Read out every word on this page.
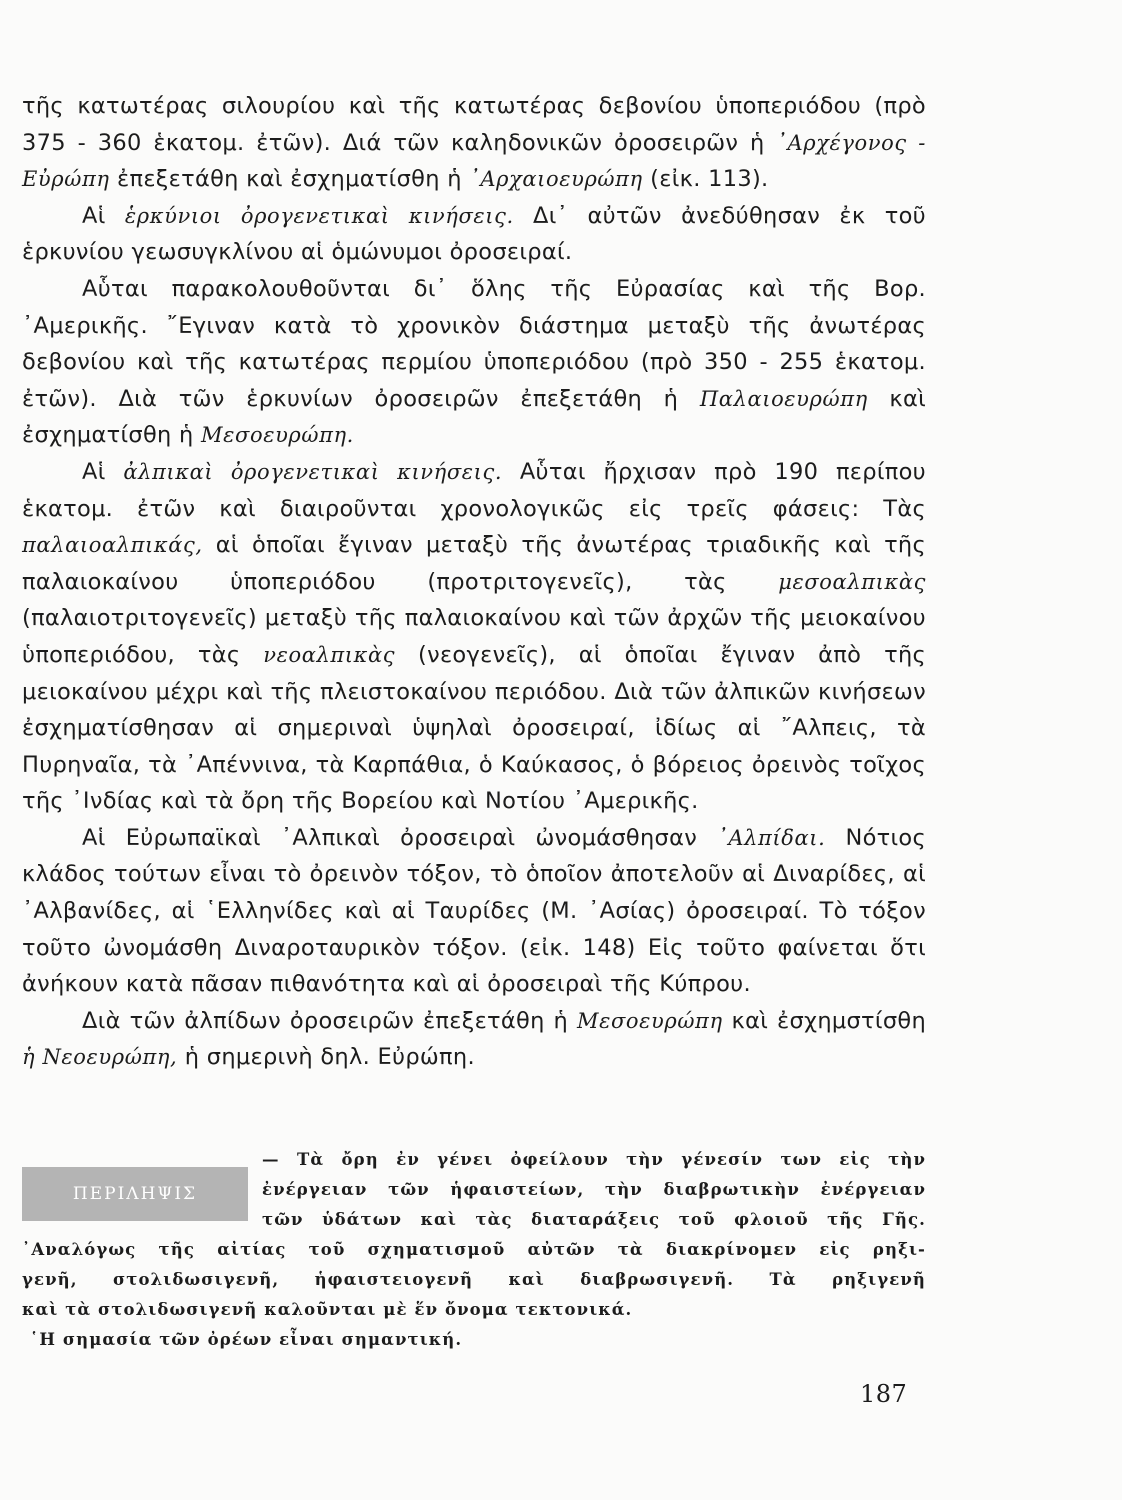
τῆς κατωτέρας σιλουρίου καὶ τῆς κατωτέρας δεβονίου ὑποπεριόδου (πρὸ 375 - 360 ἑκατομ. ἐτῶν). Διά τῶν καληδονικῶν ὀροσειρῶν ἡ ᾿Αρχέγονος - Εὐρώπη ἐπεξετάθη καὶ ἐσχηματίσθη ἡ ᾿Αρχαιοευρώπη (εἰκ. 113).

Αἱ ἑρκύνιοι ὀρογενετικαὶ κινήσεις. Δι᾿ αὐτῶν ἀνεδύθησαν ἐκ τοῦ ἑρκυνίου γεωσυγκλίνου αἱ ὁμώνυμοι ὀροσειραί.

Αὗται παρακολουθοῦνται δι᾿ ὅλης τῆς Εὐρασίας καὶ τῆς Βορ. ᾿Αμερικῆς. ῎Εγιναν κατὰ τὸ χρονικὸν διάστημα μεταξὺ τῆς ἀνωτέρας δεβονίου καὶ τῆς κατωτέρας περμίου ὑποπεριόδου (πρὸ 350 - 255 ἑκατομ. ἐτῶν). Διὰ τῶν ἑρκυνίων ὀροσειρῶν ἐπεξετάθη ἡ Παλαιοευρώπη καὶ ἐσχηματίσθη ἡ Μεσοευρώπη.

Αἱ ἀλπικαὶ ὀρογενετικαὶ κινήσεις. Αὗται ἤρχισαν πρὸ 190 περίπου ἑκατομ. ἐτῶν καὶ διαιροῦνται χρονολογικῶς εἰς τρεῖς φάσεις: Τὰς παλαιοαλπικάς, αἱ ὁποῖαι ἔγιναν μεταξὺ τῆς ἀνωτέρας τριαδικῆς καὶ τῆς παλαιοκαίνου ὑποπεριόδου (προτριτογενεῖς), τὰς μεσοαλπικὰς (παλαιοτριτογενεῖς) μεταξὺ τῆς παλαιοκαίνου καὶ τῶν ἀρχῶν τῆς μειοκαίνου ὑποπεριόδου, τὰς νεοαλπικὰς (νεογενεῖς), αἱ ὁποῖαι ἔγιναν ἀπὸ τῆς μειοκαίνου μέχρι καὶ τῆς πλειστοκαίνου περιόδου. Διὰ τῶν ἀλπικῶν κινήσεων ἐσχηματίσθησαν αἱ σημεριναὶ ὑψηλαὶ ὀροσειραί, ἰδίως αἱ ῎Αλπεις, τὰ Πυρηναῖα, τὰ ᾿Απέννινα, τὰ Καρπάθια, ὁ Καύκασος, ὁ βόρειος ὀρεινὸς τοῖχος τῆς ᾿Ινδίας καὶ τὰ ὄρη τῆς Βορείου καὶ Νοτίου ᾿Αμερικῆς.

Αἱ Εὐρωπαϊκαὶ ᾿Αλπικαὶ ὀροσειραὶ ὠνομάσθησαν ᾿Αλπίδαι. Νότιος κλάδος τούτων εἶναι τὸ ὀρεινὸν τόξον, τὸ ὁποῖον ἀποτελοῦν αἱ Διναρίδες, αἱ ᾿Αλβανίδες, αἱ ῾Ελληνίδες καὶ αἱ Ταυρίδες (Μ. ᾿Ασίας) ὀροσειραί. Τὸ τόξον τοῦτο ὠνομάσθη Διναροταυρικὸν τόξον. (εἰκ. 148) Εἰς τοῦτο φαίνεται ὅτι ἀνήκουν κατὰ πᾶσαν πιθανότητα καὶ αἱ ὀροσειραὶ τῆς Κύπρου.

Διὰ τῶν ἀλπίδων ὀροσειρῶν ἐπεξετάθη ἡ Μεσοευρώπη καὶ ἐσχημστίσθη ἡ Νεοευρώπη, ἡ σημερινὴ δηλ. Εὐρώπη.

ΠΕΡΙΛΗΨΙΣ
— Τὰ ὄρη ἐν γένει ὀφείλουν τὴν γένεσίν των εἰς τὴν
ἐνέργειαν τῶν ἡφαιστείων, τὴν διαβρωτικὴν ἐνέργειαν
τῶν ὑδάτων καὶ τὰς διαταράξεις τοῦ φλοιοῦ τῆς Γῆς.
᾿Αναλόγως τῆς αἰτίας τοῦ σχηματισμοῦ αὐτῶν τὰ διακρίνομεν εἰς ρηξι-
γενῆ, στολιδωσιγενῆ, ἡφαιστειογενῆ καὶ διαβρωσιγενῆ. Τὰ ρηξιγενῆ
καὶ τὰ στολιδωσιγενῆ καλοῦνται μὲ ἕν ὄνομα τεκτονικά.
῾Η σημασία τῶν ὀρέων εἶναι σημαντική.
187
